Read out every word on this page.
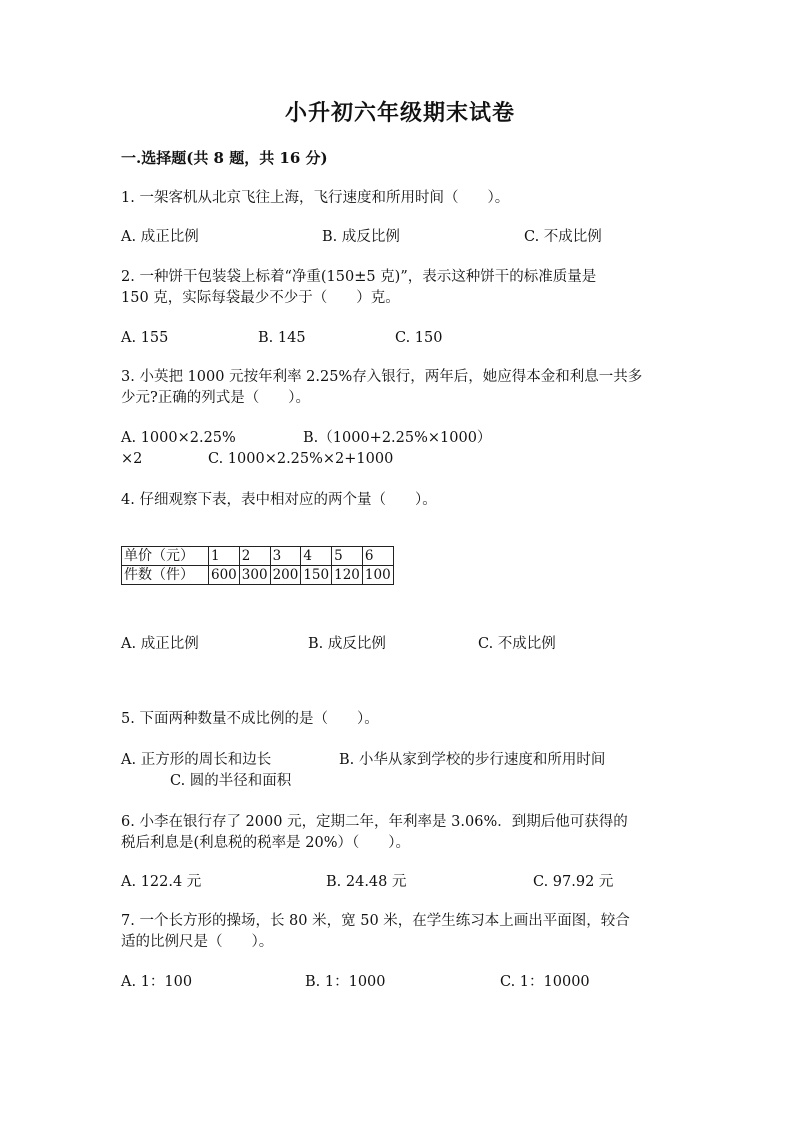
小升初六年级期末试卷
一.选择题(共 8 题，共 16 分)
1. 一架客机从北京飞往上海，飞行速度和所用时间（　　）。
A. 成正比例	B. 成反比例	C. 不成比例
2. 一种饼干包装袋上标着“净重(150±5 克)”，表示这种饼干的标准质量是
150 克，实际每袋最少不少于（　　）克。
A. 155	B. 145	C. 150
3. 小英把 1000 元按年利率 2.25%存入银行，两年后，她应得本金和利息一共多
少元?正确的列式是（　　）。
A. 1000×2.25%	B.（1000+2.25%×1000）
×2	C. 1000×2.25%×2+1000
4. 仔细观察下表，表中相对应的两个量（　　）。
单价（元）	1	2	3	4	5	6
件数（件）	600	300	200	150	120	100
A. 成正比例	B. 成反比例	C. 不成比例
5. 下面两种数量不成比例的是（　　）。
A. 正方形的周长和边长	B. 小华从家到学校的步行速度和所用时间
C. 圆的半径和面积
6. 小李在银行存了 2000 元，定期二年，年利率是 3.06%．到期后他可获得的
税后利息是(利息税的税率是 20%）（　　）。
A. 122.4 元	B. 24.48 元	C. 97.92 元
7. 一个长方形的操场，长 80 米，宽 50 米，在学生练习本上画出平面图，较合
适的比例尺是（　　）。
A. 1：100	B. 1：1000	C. 1：10000
